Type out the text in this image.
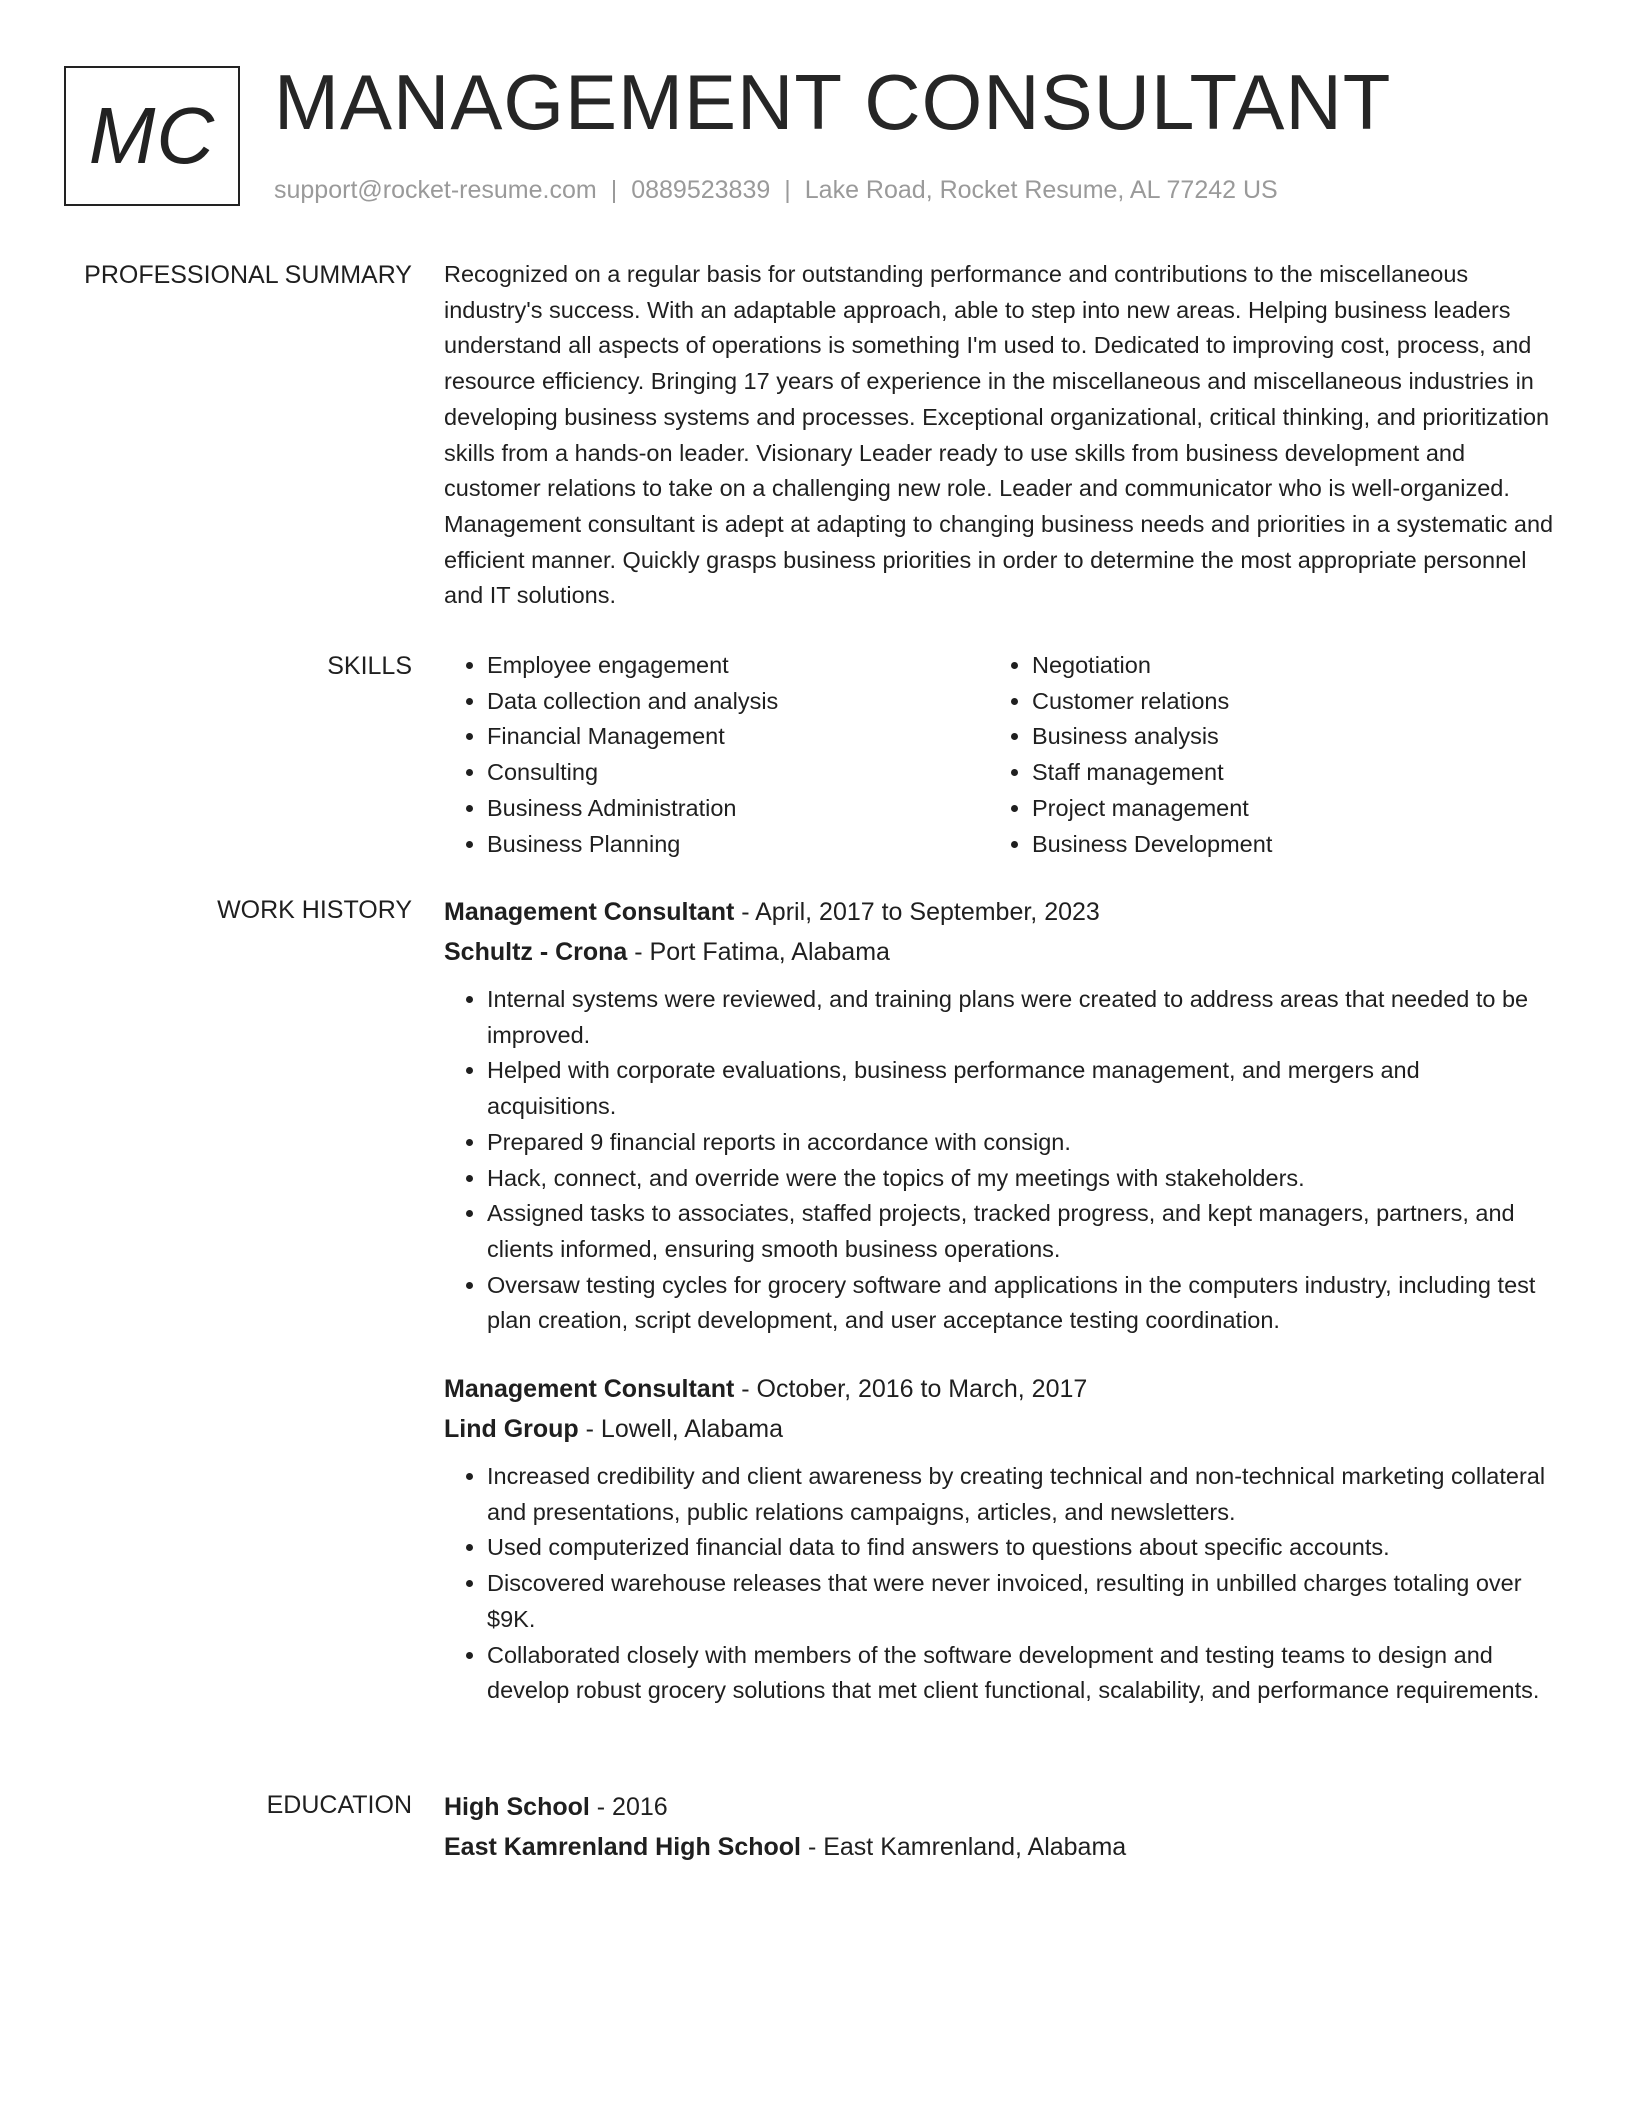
MC MANAGEMENT CONSULTANT
support@rocket-resume.com | 0889523839 | Lake Road, Rocket Resume, AL 77242 US
PROFESSIONAL SUMMARY Recognized on a regular basis for outstanding performance and contributions to the miscellaneous industry's success. With an adaptable approach, able to step into new areas. Helping business leaders understand all aspects of operations is something I'm used to. Dedicated to improving cost, process, and resource efficiency. Bringing 17 years of experience in the miscellaneous and miscellaneous industries in developing business systems and processes. Exceptional organizational, critical thinking, and prioritization skills from a hands-on leader. Visionary Leader ready to use skills from business development and customer relations to take on a challenging new role. Leader and communicator who is well-organized. Management consultant is adept at adapting to changing business needs and priorities in a systematic and efficient manner. Quickly grasps business priorities in order to determine the most appropriate personnel and IT solutions.

SKILLS
•	Employee engagement
• Data collection and analysis
• Financial Management
• Consulting
• Business Administration
• Business Planning
• Negotiation
• Customer relations
• Business analysis
• Staff management
• Project management
• Business Development
WORK HISTORY Management Consultant - April, 2017 to September, 2023
Schultz - Crona - Port Fatima, Alabama
• Internal systems were reviewed, and training plans were created to address areas that needed to be improved.
• Helped with corporate evaluations, business performance management, and mergers and acquisitions.
• Prepared 9 financial reports in accordance with consign.
• Hack, connect, and override were the topics of my meetings with stakeholders.
• Assigned tasks to associates, staffed projects, tracked progress, and kept managers, partners, and clients informed, ensuring smooth business operations.
• Oversaw testing cycles for grocery software and applications in the computers industry, including test plan creation, script development, and user acceptance testing coordination.
Management Consultant - October, 2016 to March, 2017
Lind Group - Lowell, Alabama
• Increased credibility and client awareness by creating technical and non-technical marketing collateral and presentations, public relations campaigns, articles, and newsletters.
• Used computerized financial data to find answers to questions about specific accounts.
• Discovered warehouse releases that were never invoiced, resulting in unbilled charges totaling over $9K.
• Collaborated closely with members of the software development and testing teams to design and develop robust grocery solutions that met client functional, scalability, and performance requirements.
EDUCATION High School - 2016
East Kamrenland High School - East Kamrenland, Alabama
